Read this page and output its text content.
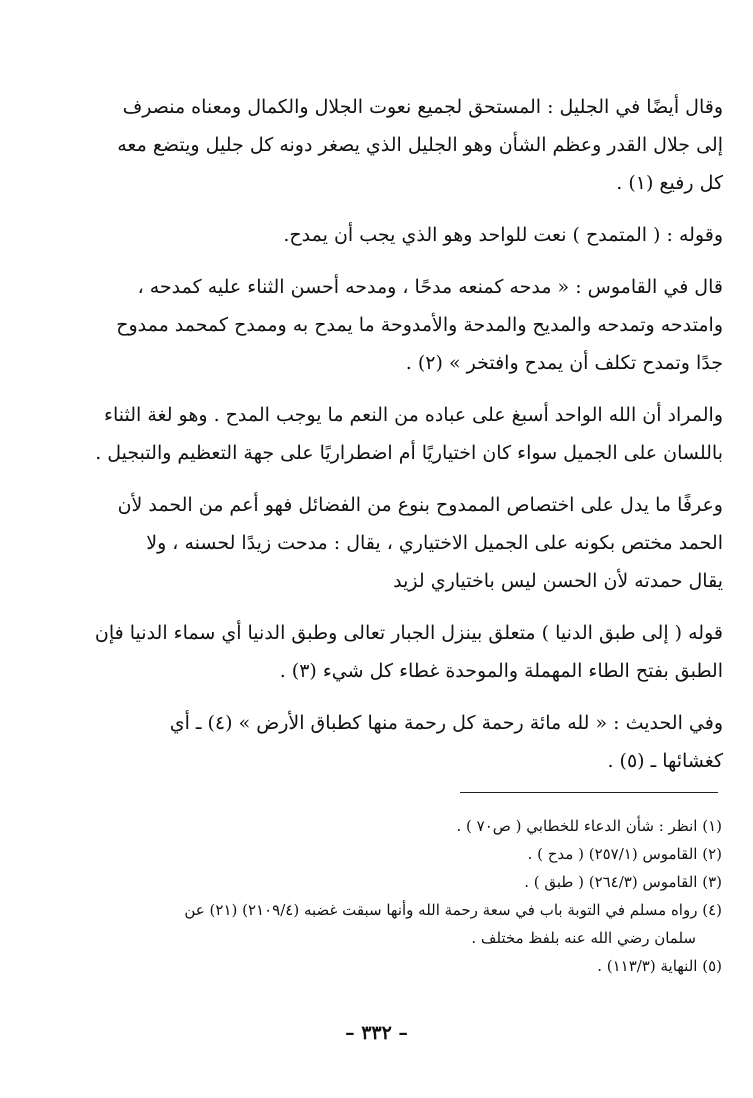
وقال أيضًا في الجليل : المستحق لجميع نعوت الجلال والكمال ومعناه منصرف
إلى جلال القدر وعظم الشأن وهو الجليل الذي يصغر دونه كل جليل ويتضع معه
كل رفيع (١) .

وقوله : ( المتمدح ) نعت للواحد وهو الذي يجب أن يمدح.

قال في القاموس : « مدحه كمنعه مدحًا ، ومدحه أحسن الثناء عليه كمدحه ،
وامتدحه وتمدحه والمديح والمدحة والأمدوحة ما يمدح به وممدح كمحمد ممدوح
جدًا وتمدح تكلف أن يمدح وافتخر » (٢) .

والمراد أن الله الواحد أسبغ على عباده من النعم ما يوجب المدح . وهو لغة الثناء
باللسان على الجميل سواء كان اختياريًا أم اضطراريًا على جهة التعظيم والتبجيل .

وعرفًا ما يدل على اختصاص الممدوح بنوع من الفضائل فهو أعم من الحمد لأن
الحمد مختص بكونه على الجميل الاختياري ، يقال : مدحت زيدًا لحسنه ، ولا
يقال حمدته لأن الحسن ليس باختياري لزيد

قوله ( إلى طبق الدنيا ) متعلق بينزل الجبار تعالى وطبق الدنيا أي سماء الدنيا فإن
الطبق بفتح الطاء المهملة والموحدة غطاء كل شيء (٣) .

وفي الحديث : « لله مائة رحمة كل رحمة منها كطباق الأرض » (٤) ـ أي
كغشائها ـ (٥) .

(١) انظر : شأن الدعاء للخطابي ( ص٧٠ ) .
(٢) القاموس (٢٥٧/١) ( مدح ) .
(٣) القاموس (٢٦٤/٣) ( طبق ) .
(٤) رواه مسلم في التوبة باب في سعة رحمة الله وأنها سبقت غضبه (٢١٠٩/٤) (٢١) عن
سلمان رضي الله عنه بلفظ مختلف .
(٥) النهاية (١١٣/٣) .
– ٣٣٢ –
